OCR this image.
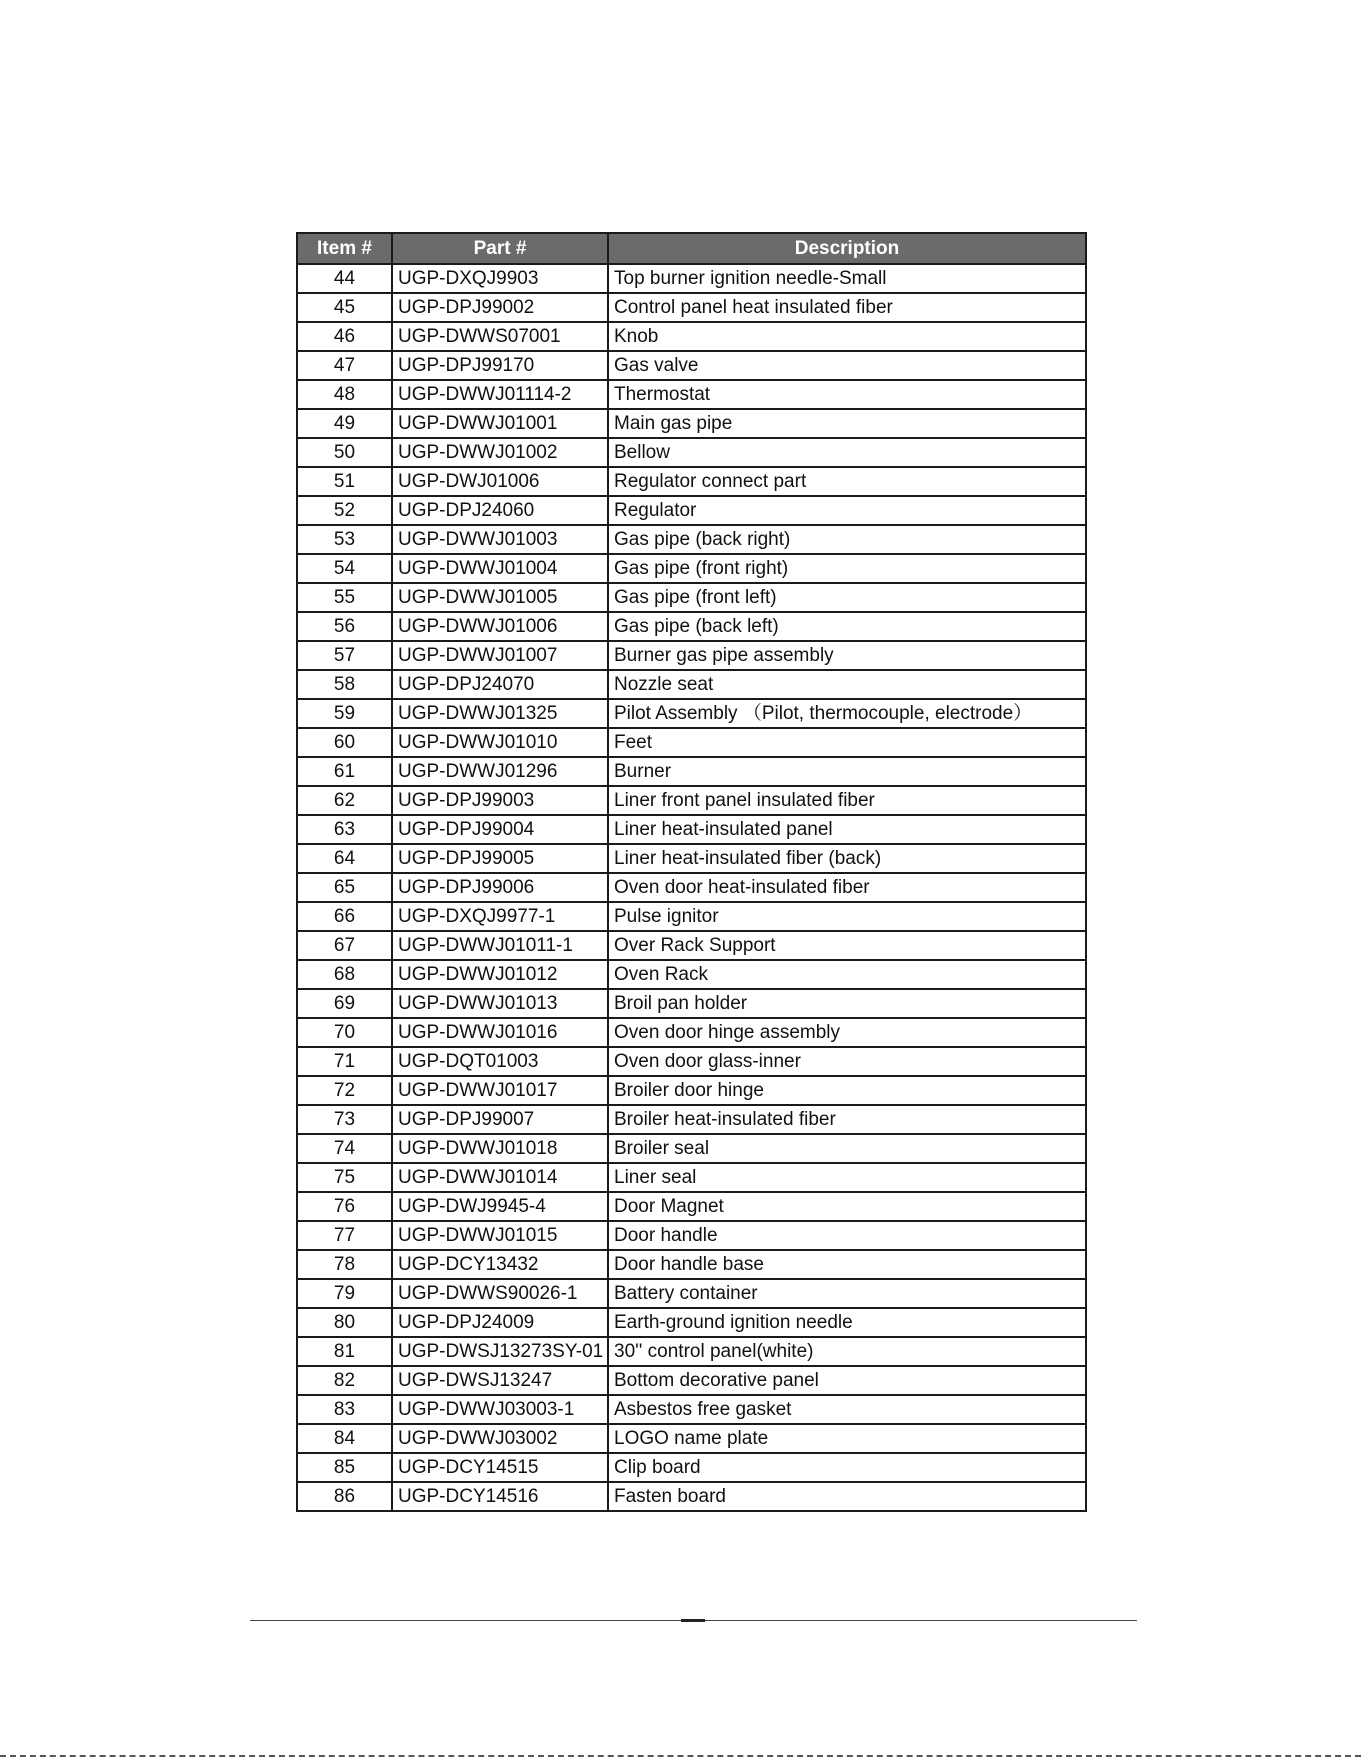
Item #	Part #	Description
44	UGP-DXQJ9903	Top burner ignition needle-Small
45	UGP-DPJ99002	Control panel heat insulated fiber
46	UGP-DWWS07001	Knob
47	UGP-DPJ99170	Gas valve
48	UGP-DWWJ01114-2	Thermostat
49	UGP-DWWJ01001	Main gas pipe
50	UGP-DWWJ01002	Bellow
51	UGP-DWJ01006	Regulator connect part
52	UGP-DPJ24060	Regulator
53	UGP-DWWJ01003	Gas pipe (back right)
54	UGP-DWWJ01004	Gas pipe (front right)
55	UGP-DWWJ01005	Gas pipe (front left)
56	UGP-DWWJ01006	Gas pipe (back left)
57	UGP-DWWJ01007	Burner gas pipe assembly
58	UGP-DPJ24070	Nozzle seat
59	UGP-DWWJ01325	Pilot Assembly （Pilot, thermocouple, electrode）
60	UGP-DWWJ01010	Feet
61	UGP-DWWJ01296	Burner
62	UGP-DPJ99003	Liner front panel insulated fiber
63	UGP-DPJ99004	Liner heat-insulated panel
64	UGP-DPJ99005	Liner heat-insulated fiber (back)
65	UGP-DPJ99006	Oven door heat-insulated fiber
66	UGP-DXQJ9977-1	Pulse ignitor
67	UGP-DWWJ01011-1	Over Rack Support
68	UGP-DWWJ01012	Oven Rack
69	UGP-DWWJ01013	Broil pan holder
70	UGP-DWWJ01016	Oven door hinge assembly
71	UGP-DQT01003	Oven door glass-inner
72	UGP-DWWJ01017	Broiler door hinge
73	UGP-DPJ99007	Broiler heat-insulated fiber
74	UGP-DWWJ01018	Broiler seal
75	UGP-DWWJ01014	Liner seal
76	UGP-DWJ9945-4	Door Magnet
77	UGP-DWWJ01015	Door handle
78	UGP-DCY13432	Door handle base
79	UGP-DWWS90026-1	Battery container
80	UGP-DPJ24009	Earth-ground ignition needle
81	UGP-DWSJ13273SY-01	30'' control panel(white)
82	UGP-DWSJ13247	Bottom decorative panel
83	UGP-DWWJ03003-1	Asbestos free gasket
84	UGP-DWWJ03002	LOGO name plate
85	UGP-DCY14515	Clip board
86	UGP-DCY14516	Fasten board
